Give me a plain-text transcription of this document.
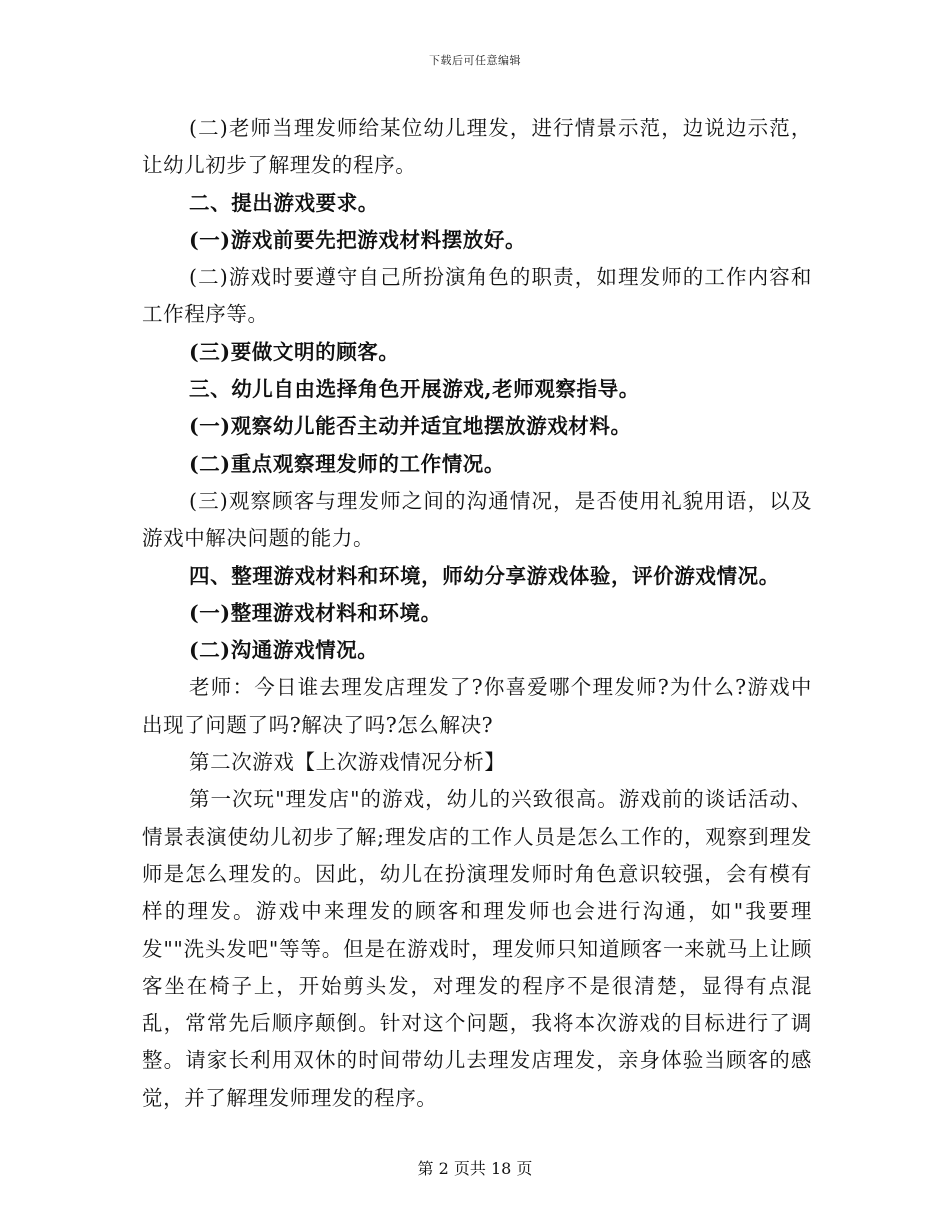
下载后可任意编辑

(二)老师当理发师给某位幼儿理发，进行情景示范，边说边示范，让幼儿初步了解理发的程序。

二、提出游戏要求。

(一)游戏前要先把游戏材料摆放好。

(二)游戏时要遵守自己所扮演角色的职责，如理发师的工作内容和工作程序等。

(三)要做文明的顾客。

三、幼儿自由选择角色开展游戏,老师观察指导。

(一)观察幼儿能否主动并适宜地摆放游戏材料。

(二)重点观察理发师的工作情况。

(三)观察顾客与理发师之间的沟通情况，是否使用礼貌用语，以及游戏中解决问题的能力。

四、整理游戏材料和环境，师幼分享游戏体验，评价游戏情况。

(一)整理游戏材料和环境。

(二)沟通游戏情况。

老师：今日谁去理发店理发了?你喜爱哪个理发师?为什么?游戏中出现了问题了吗?解决了吗?怎么解决?

第二次游戏【上次游戏情况分析】

第一次玩"理发店"的游戏，幼儿的兴致很高。游戏前的谈话活动、情景表演使幼儿初步了解;理发店的工作人员是怎么工作的，观察到理发师是怎么理发的。因此，幼儿在扮演理发师时角色意识较强，会有模有样的理发。游戏中来理发的顾客和理发师也会进行沟通，如"我要理发""洗头发吧"等等。但是在游戏时，理发师只知道顾客一来就马上让顾客坐在椅子上，开始剪头发，对理发的程序不是很清楚，显得有点混乱，常常先后顺序颠倒。针对这个问题，我将本次游戏的目标进行了调整。请家长利用双休的时间带幼儿去理发店理发，亲身体验当顾客的感觉，并了解理发师理发的程序。

第 2 页共 18 页
